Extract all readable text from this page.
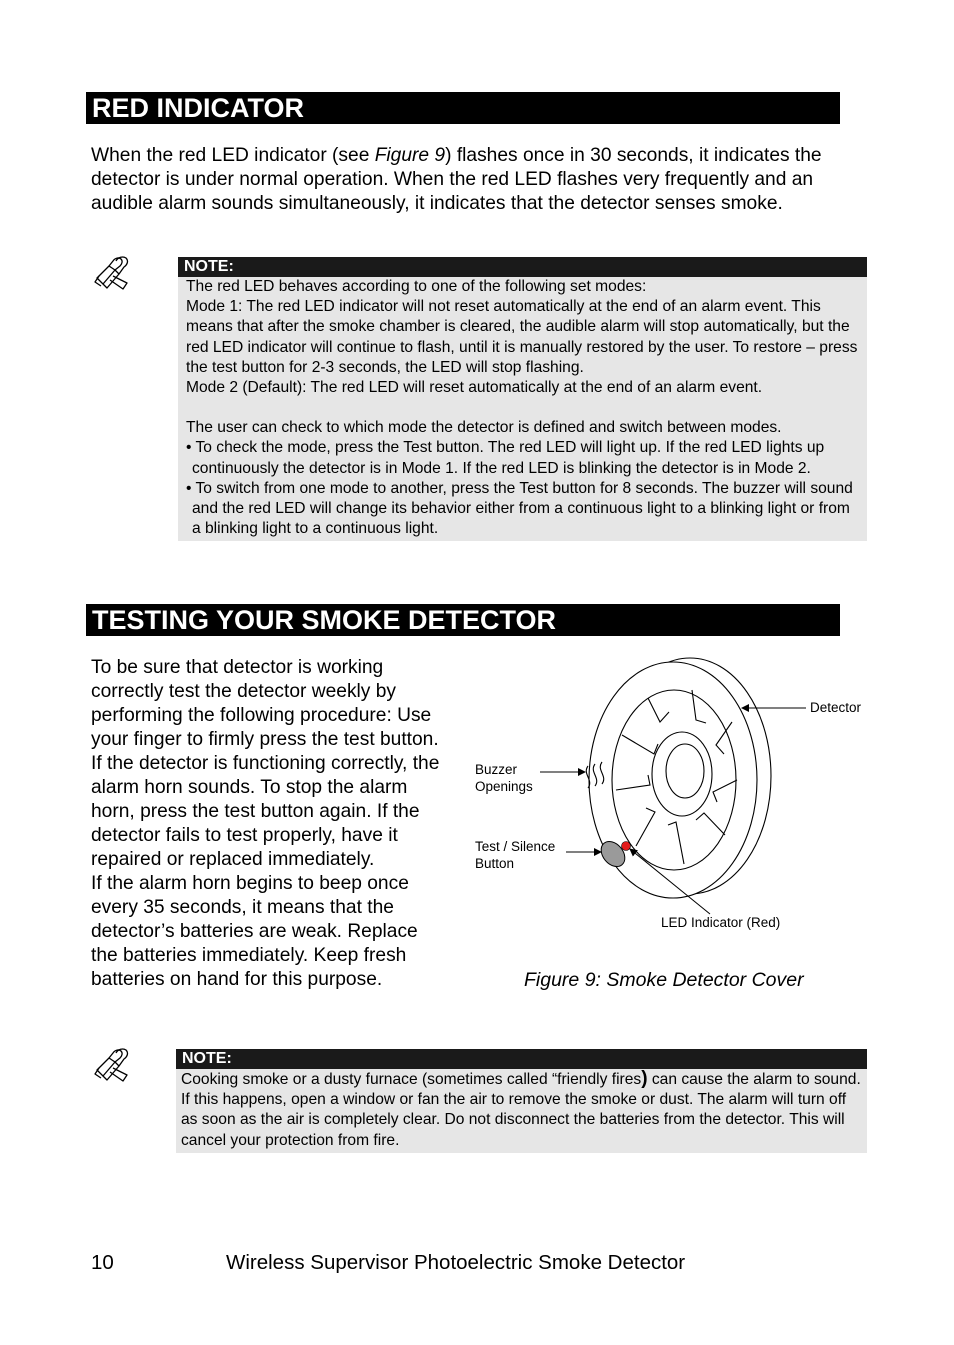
RED INDICATOR

When the red LED indicator (see Figure 9) flashes once in 30 seconds, it indicates the detector is under normal operation. When the red LED flashes very frequently and an audible alarm sounds simultaneously, it indicates that the detector senses smoke.

NOTE:

The red LED behaves according to one of the following set modes:

Mode 1: The red LED indicator will not reset automatically at the end of an alarm event. This means that after the smoke chamber is cleared, the audible alarm will stop automatically, but the red LED indicator will continue to flash, until it is manually restored by the user. To restore – press the test button for 2-3 seconds, the LED will stop flashing.

Mode 2 (Default): The red LED will reset automatically at the end of an alarm event.

The user can check to which mode the detector is defined and switch between modes.

• To check the mode, press the Test button. The red LED will light up. If the red LED lights up continuously the detector is in Mode 1. If the red LED is blinking the detector is in Mode 2.

• To switch from one mode to another, press the Test button for 8 seconds. The buzzer will sound and the red LED will change its behavior either from a continuous light to a blinking light or from a blinking light to a continuous light.

TESTING YOUR SMOKE DETECTOR
To be sure that detector is working correctly test the detector weekly by performing the following procedure: Use your finger to firmly press the test button. If the detector is functioning correctly, the alarm horn sounds. To stop the alarm horn, press the test button again. If the detector fails to test properly, have it repaired or replaced immediately.
If the alarm horn begins to beep once every 35 seconds, it means that the detector’s batteries are weak. Replace the batteries immediately. Keep fresh batteries on hand for this purpose.
Detector
Buzzer
Openings
Test / Silence
Button
LED Indicator (Red)
Figure 9: Smoke Detector Cover
NOTE:

Cooking smoke or a dusty furnace (sometimes called “friendly fires) can cause the alarm to sound. If this happens, open a window or fan the air to remove the smoke or dust. The alarm will turn off as soon as the air is completely clear. Do not disconnect the batteries from the detector. This will cancel your protection from fire.

10	Wireless Supervisor Photoelectric Smoke Detector
